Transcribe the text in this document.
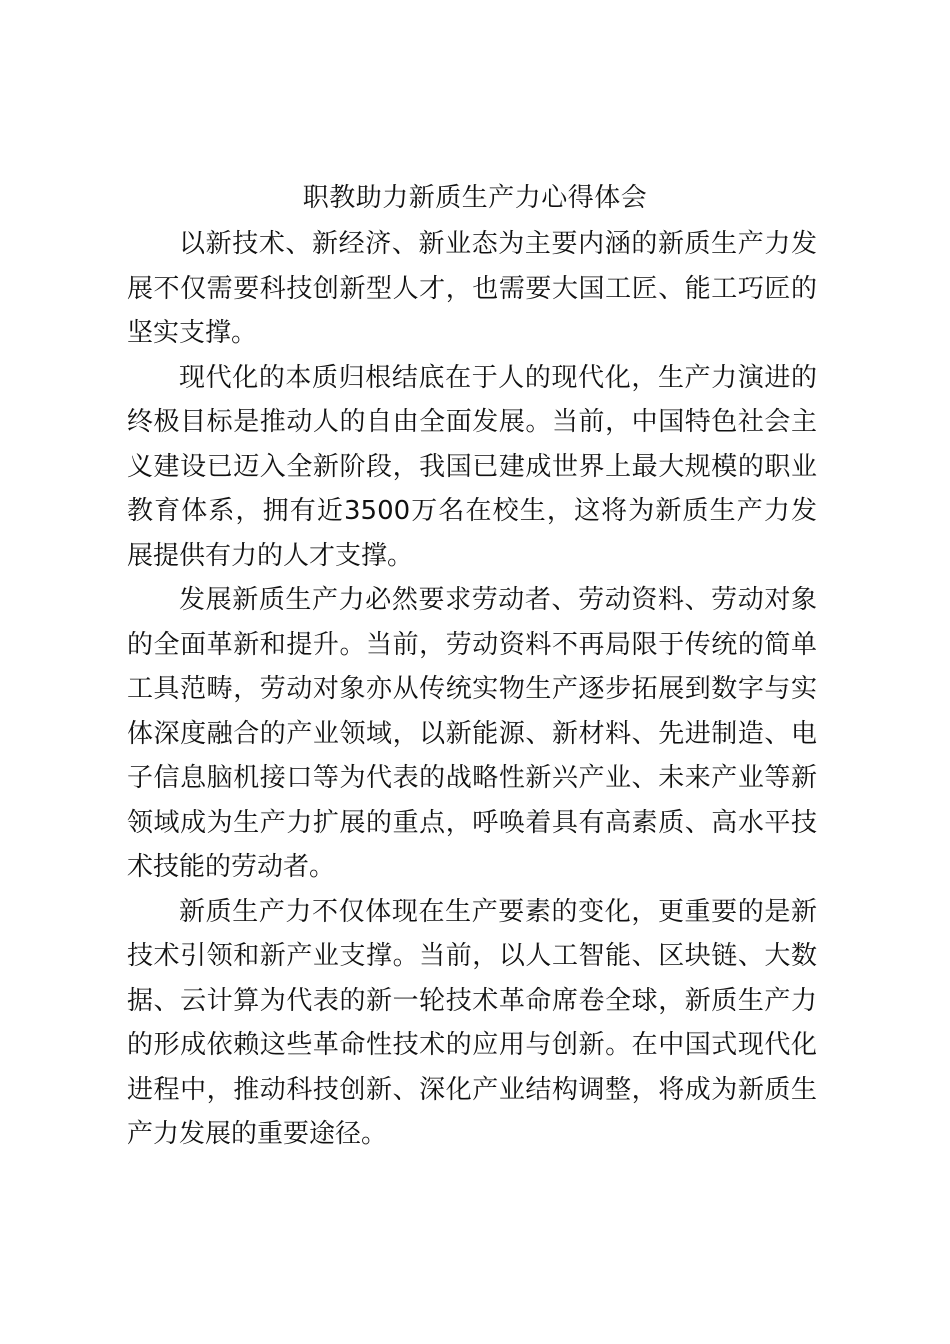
职教助力新质生产力心得体会

以新技术、新经济、新业态为主要内涵的新质生产力发展不仅需要科技创新型人才，也需要大国工匠、能工巧匠的坚实支撑。

现代化的本质归根结底在于人的现代化，生产力演进的终极目标是推动人的自由全面发展。当前，中国特色社会主义建设已迈入全新阶段，我国已建成世界上最大规模的职业教育体系，拥有近3500万名在校生，这将为新质生产力发展提供有力的人才支撑。

发展新质生产力必然要求劳动者、劳动资料、劳动对象的全面革新和提升。当前，劳动资料不再局限于传统的简单工具范畴，劳动对象亦从传统实物生产逐步拓展到数字与实体深度融合的产业领域，以新能源、新材料、先进制造、电子信息脑机接口等为代表的战略性新兴产业、未来产业等新领域成为生产力扩展的重点，呼唤着具有高素质、高水平技术技能的劳动者。

新质生产力不仅体现在生产要素的变化，更重要的是新技术引领和新产业支撑。当前，以人工智能、区块链、大数据、云计算为代表的新一轮技术革命席卷全球，新质生产力的形成依赖这些革命性技术的应用与创新。在中国式现代化进程中，推动科技创新、深化产业结构调整，将成为新质生产力发展的重要途径。
